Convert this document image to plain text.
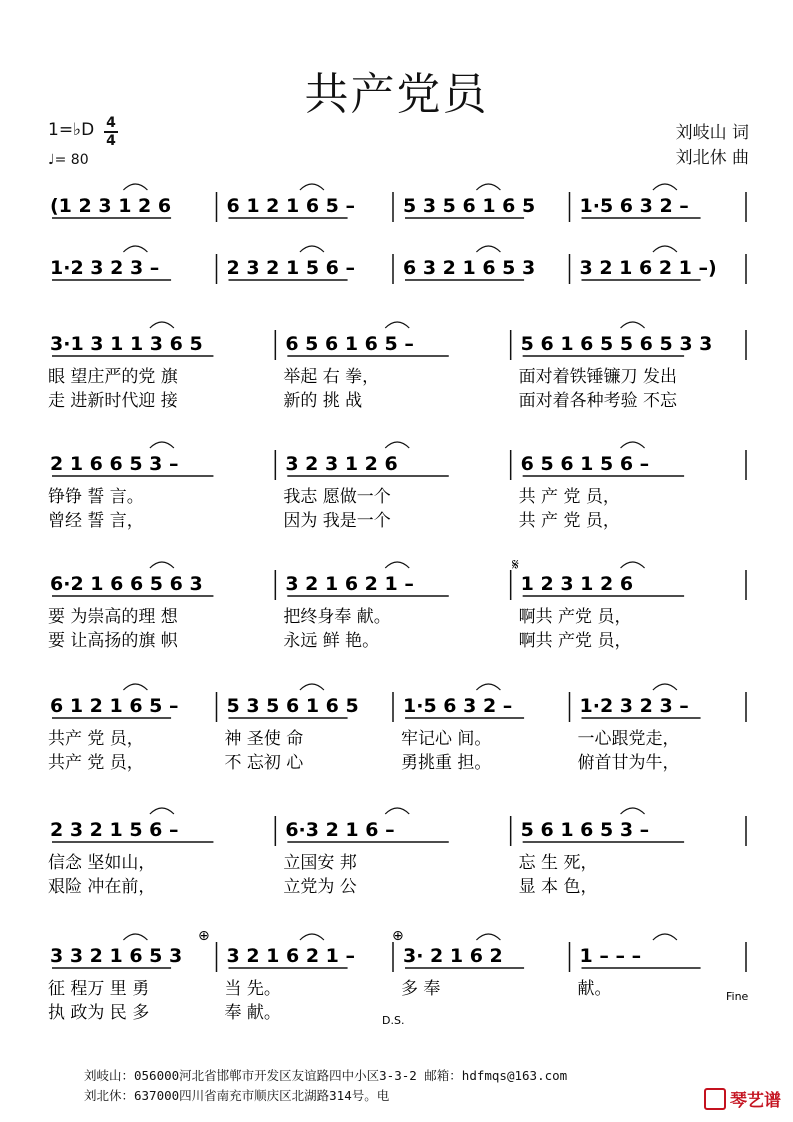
共产党员
1=♭D 4
4
♩= 80
刘岐山 词
刘北休 曲
(1 2 3 1 2 6	6 1 2 1 6 5 –	5 3 5 6 1 6 5 1·5 6 3 2 –
1·2 3 2 3 –	2 3 2 1 5 6 –	6 3 2 1 6 5 3 3 2 1 6 2 1 –)
3·1 3 1 1 3 6 5
眼 望庄严的党 旗
走 进新时代迎 接
6 5 6 1 6 5 –
举起 右 拳，
新的 挑 战
5 6 1 6 5 5 6 5 3 3
面对着铁锤镰刀 发出
面对着各种考验 不忘
2 1 6 6 5 3 –
铮铮 誓 言。
曾经 誓 言，
3 2 3 1 2 6
我志 愿做一个
因为 我是一个
6 5 6 1 5 6 –
共 产 党 员，
共 产 党 员，
6·2 1 6 6 5 6 3
要 为崇高的理 想
要 让高扬的旗 帜
3 2 1 6 2 1 –
把终身奉 献。
永远 鲜 艳。
1 2 3 1 2 6
啊共 产党 员，
啊共 产党 员，
6 1 2 1 6 5 –
共产 党 员，
共产 党 员，
5 3 5 6 1 6 5
神 圣使 命
不 忘初 心
1·5 6 3 2 –
牢记心 间。
勇挑重 担。
1·2 3 2 3 –
一心跟党走，
俯首甘为牛，
2 3 2 1 5 6 –
信念 坚如山，
艰险 冲在前，
6·3 2 1 6 –
立国安 邦
立党为 公
5 6 1 6 5 3 –
忘 生 死，
显 本 色，
3 3 2 1 6 5 3
征 程万 里 勇
执 政为 民 多
3 2 1 6 2 1 –
当 先。
奉 献。
3· 2 1 6 2
多 奉
1 – – –
献。
D.S.
Fine
𝄋
⊕	⊕
刘岐山：056000河北省邯郸市开发区友谊路四中小区3-3-2 邮箱：hdfmqs@163.com
刘北休：637000四川省南充市顺庆区北湖路314号。电	琴艺谱
